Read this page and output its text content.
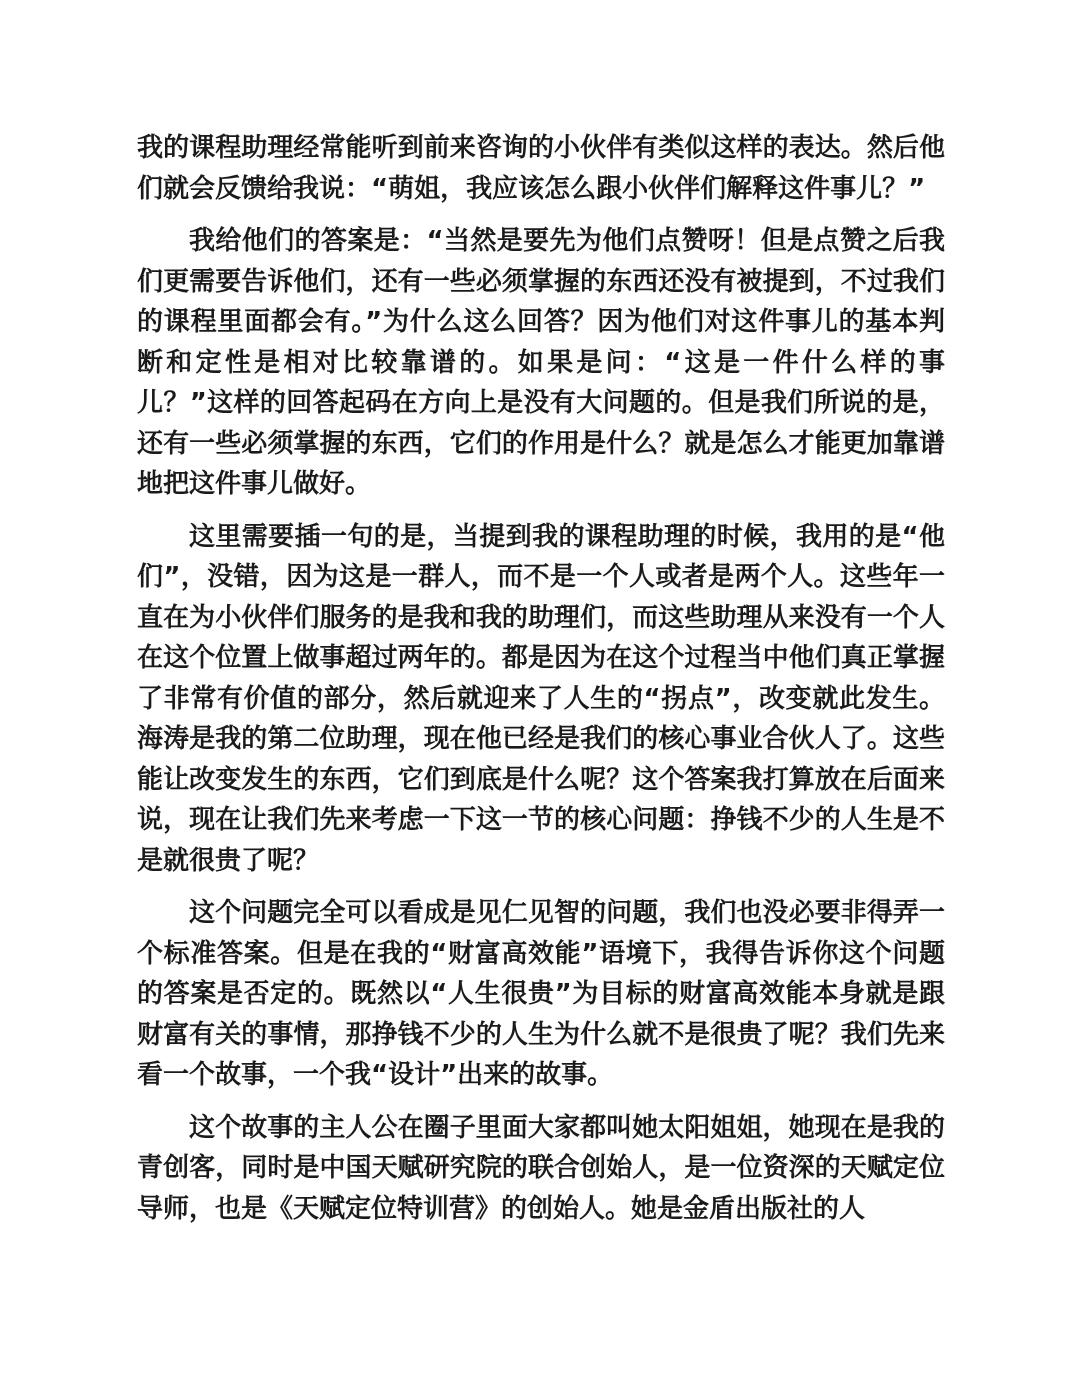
我的课程助理经常能听到前来咨询的小伙伴有类似这样的表达。然后他们就会反馈给我说：“萌姐，我应该怎么跟小伙伴们解释这件事儿？”

我给他们的答案是：“当然是要先为他们点赞呀！但是点赞之后我们更需要告诉他们，还有一些必须掌握的东西还没有被提到，不过我们的课程里面都会有。”为什么这么回答？因为他们对这件事儿的基本判断和定性是相对比较靠谱的。如果是问：“这是一件什么样的事儿？”这样的回答起码在方向上是没有大问题的。但是我们所说的是，还有一些必须掌握的东西，它们的作用是什么？就是怎么才能更加靠谱地把这件事儿做好。

这里需要插一句的是，当提到我的课程助理的时候，我用的是“他们”，没错，因为这是一群人，而不是一个人或者是两个人。这些年一直在为小伙伴们服务的是我和我的助理们，而这些助理从来没有一个人在这个位置上做事超过两年的。都是因为在这个过程当中他们真正掌握了非常有价值的部分，然后就迎来了人生的“拐点”，改变就此发生。海涛是我的第二位助理，现在他已经是我们的核心事业合伙人了。这些能让改变发生的东西，它们到底是什么呢？这个答案我打算放在后面来说，现在让我们先来考虑一下这一节的核心问题：挣钱不少的人生是不是就很贵了呢？

这个问题完全可以看成是见仁见智的问题，我们也没必要非得弄一个标准答案。但是在我的“财富高效能”语境下，我得告诉你这个问题的答案是否定的。既然以“人生很贵”为目标的财富高效能本身就是跟财富有关的事情，那挣钱不少的人生为什么就不是很贵了呢？我们先来看一个故事，一个我“设计”出来的故事。

这个故事的主人公在圈子里面大家都叫她太阳姐姐，她现在是我的青创客，同时是中国天赋研究院的联合创始人，是一位资深的天赋定位导师，也是《天赋定位特训营》的创始人。她是金盾出版社的人
